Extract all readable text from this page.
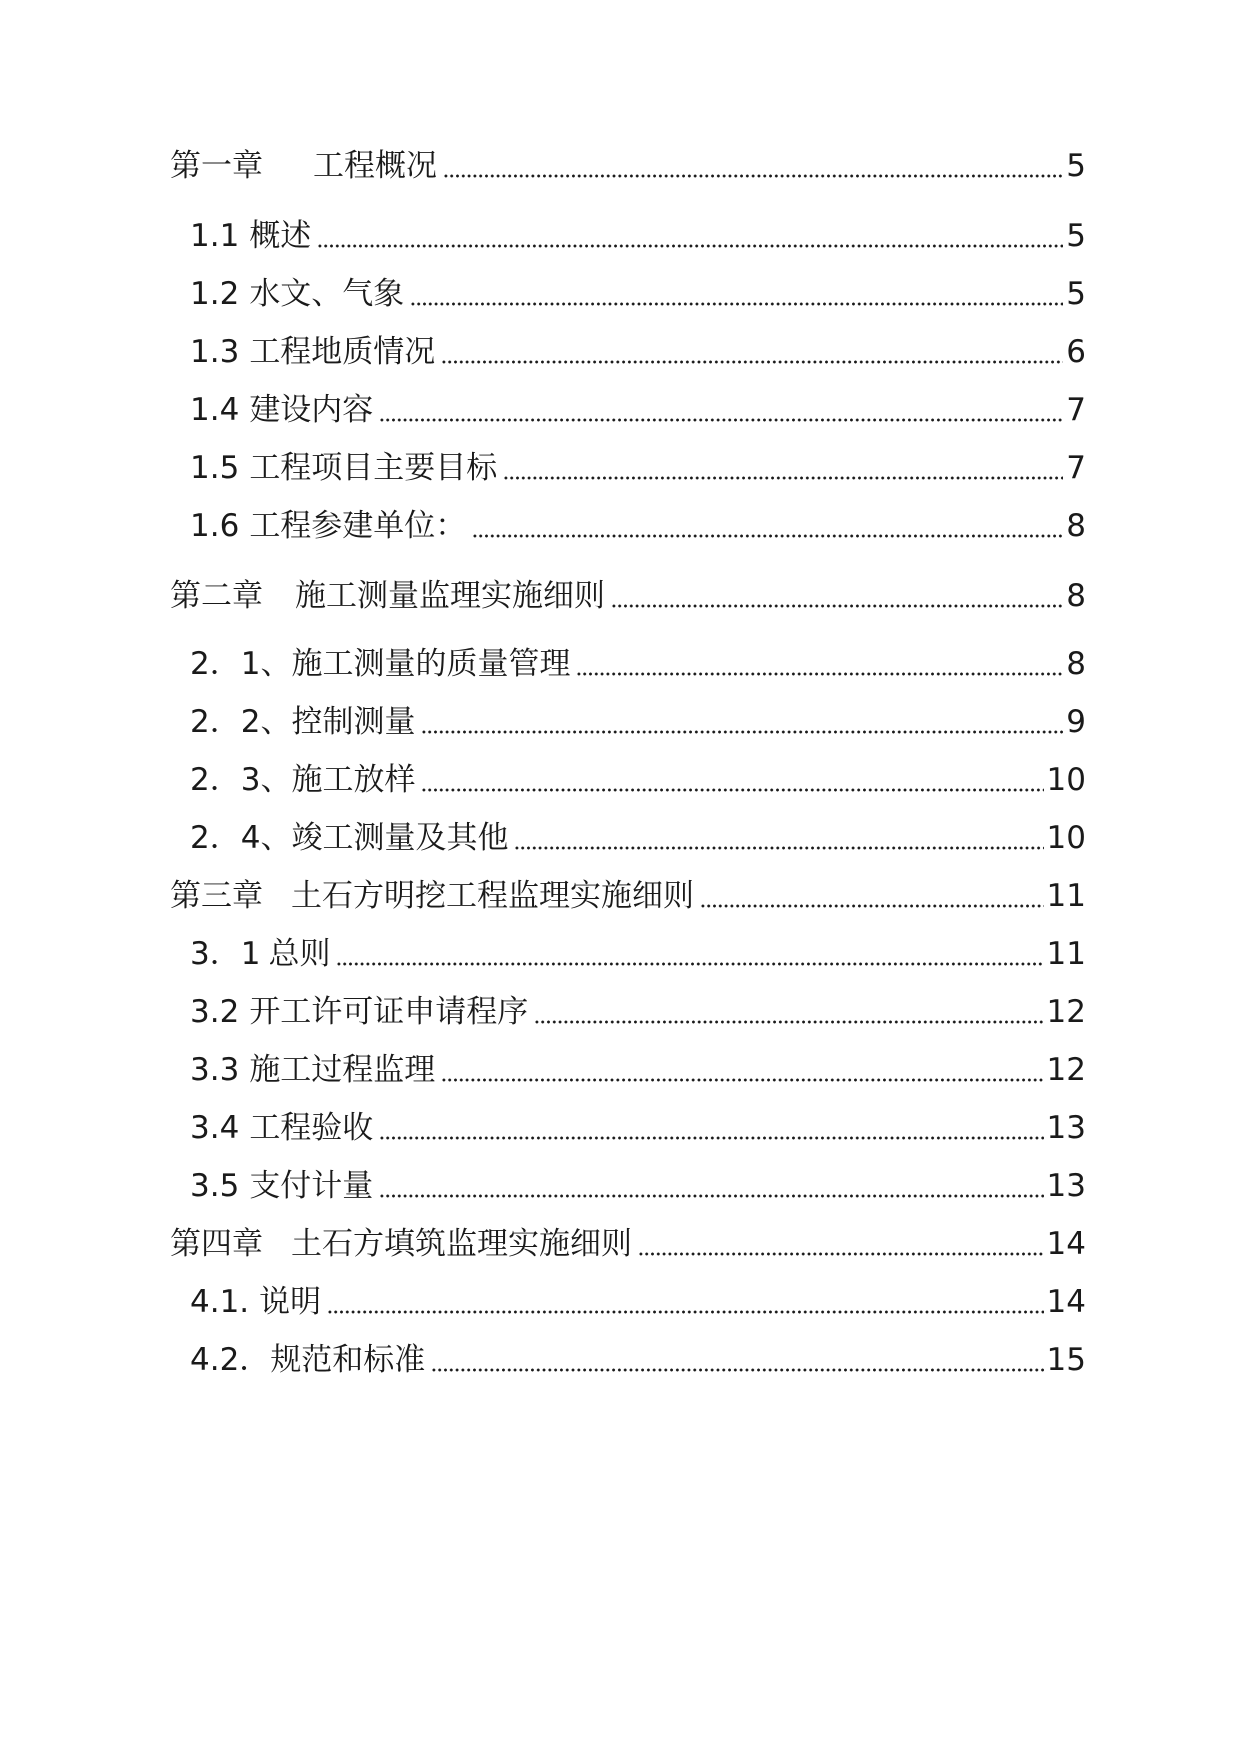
第一章 工程概况	5
1.1 概述	5
1.2 水文、气象	5
1.3 工程地质情况	6
1.4 建设内容	7
1.5 工程项目主要目标	7
1.6 工程参建单位：	8
第二章 施工测量监理实施细则	8
2．1、 施工测量的质量管理	8
2．2、 控制测量	9
2．3、 施工放样	10
2．4、 竣工测量及其他	10
第三章 土石方明挖工程监理实施细则	11
3．1 总则	11
3.2 开工许可证申请程序	12
3.3 施工过程监理	12
3.4 工程验收	13
3.5 支付计量	13
第四章 土石方填筑监理实施细则	14
4.1. 说明	14
4.2． 规范和标准	15
